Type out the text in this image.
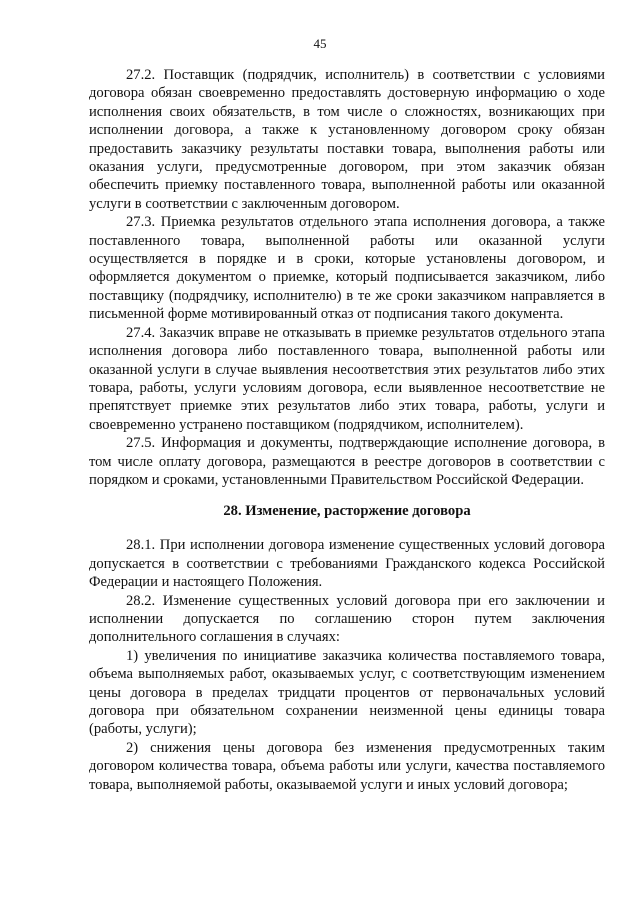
45

27.2. Поставщик (подрядчик, исполнитель) в соответствии с условиями договора обязан своевременно предоставлять достоверную информацию о ходе исполнения своих обязательств, в том числе о сложностях, возникающих при исполнении договора, а также к установленному договором сроку обязан предоставить заказчику результаты поставки товара, выполнения работы или оказания услуги, предусмотренные договором, при этом заказчик обязан обеспечить приемку поставленного товара, выполненной работы или оказанной услуги в соответствии с заключенным договором.

27.3. Приемка результатов отдельного этапа исполнения договора, а также поставленного товара, выполненной работы или оказанной услуги осуществляется в порядке и в сроки, которые установлены договором, и оформляется документом о приемке, который подписывается заказчиком, либо поставщику (подрядчику, исполнителю) в те же сроки заказчиком направляется в письменной форме мотивированный отказ от подписания такого документа.

27.4. Заказчик вправе не отказывать в приемке результатов отдельного этапа исполнения договора либо поставленного товара, выполненной работы или оказанной услуги в случае выявления несоответствия этих результатов либо этих товара, работы, услуги условиям договора, если выявленное несоответствие не препятствует приемке этих результатов либо этих товара, работы, услуги и своевременно устранено поставщиком (подрядчиком, исполнителем).

27.5. Информация и документы, подтверждающие исполнение договора, в том числе оплату договора, размещаются в реестре договоров в соответствии с порядком и сроками, установленными Правительством Российской Федерации.

28. Изменение, расторжение договора

28.1. При исполнении договора изменение существенных условий договора допускается в соответствии с требованиями Гражданского кодекса Российской Федерации и настоящего Положения.

28.2. Изменение существенных условий договора при его заключении и исполнении допускается по соглашению сторон путем заключения дополнительного соглашения в случаях:

1) увеличения по инициативе заказчика количества поставляемого товара, объема выполняемых работ, оказываемых услуг, с соответствующим изменением цены договора в пределах тридцати процентов от первоначальных условий договора при обязательном сохранении неизменной цены единицы товара (работы, услуги);

2) снижения цены договора без изменения предусмотренных таким договором количества товара, объема работы или услуги, качества поставляемого товара, выполняемой работы, оказываемой услуги и иных условий договора;
